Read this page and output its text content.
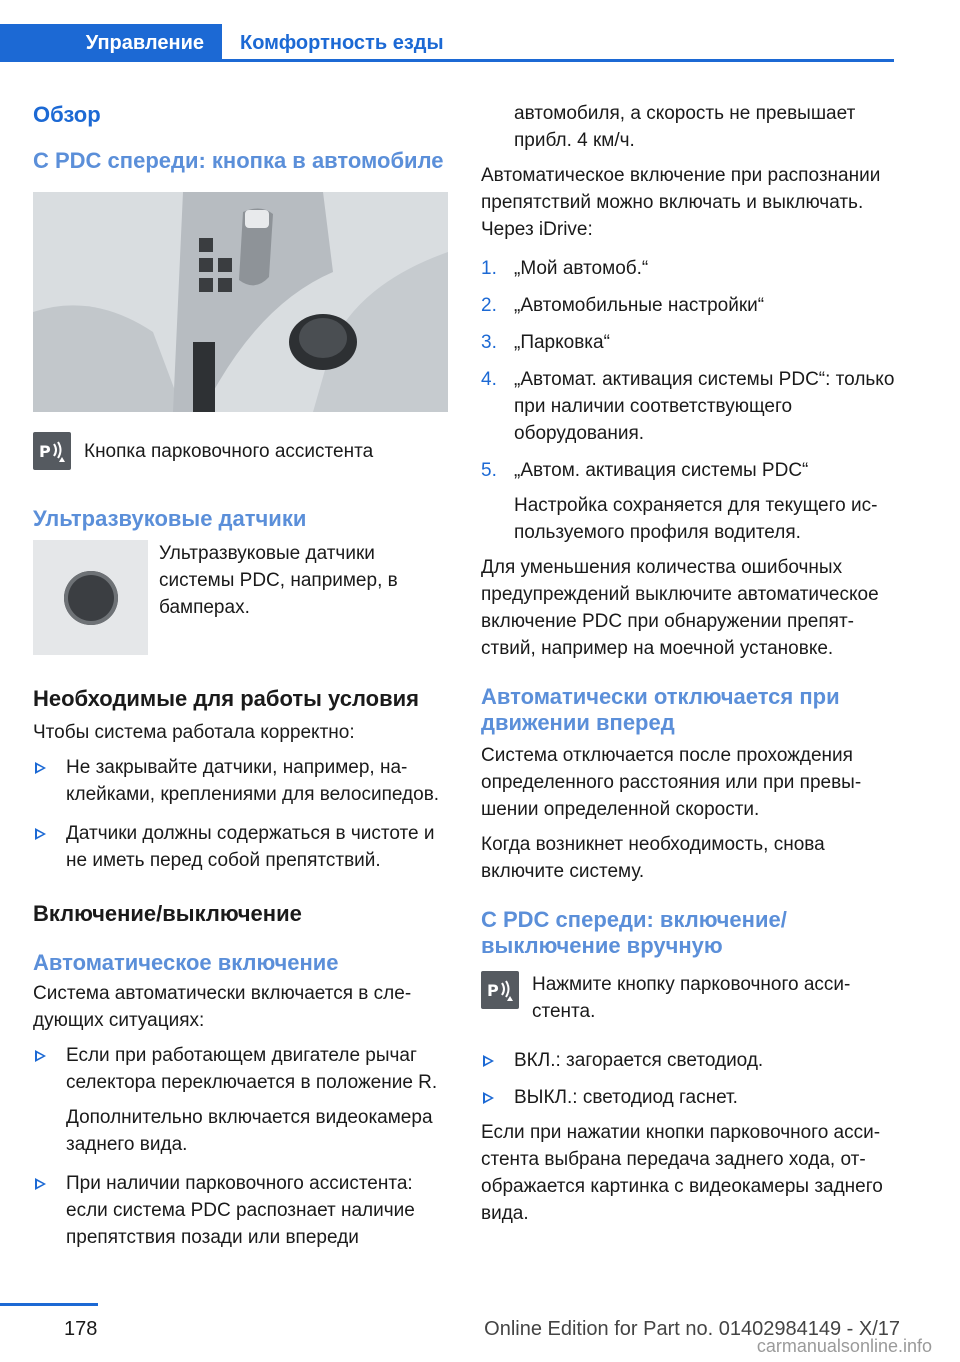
Управление	Комфортность езды
Обзор
С PDC спереди: кнопка в автомобиле
P Кнопка парковочного ассистента

Ультразвуковые датчики

Ультразвуковые датчики системы PDC, например, в бамперах.

Необходимые для работы условия

Чтобы система работала корректно:

Не закрывайте датчики, например, на-клейками, креплениями для велосипедов.
Датчики должны содержаться в чистоте и не иметь перед собой препятствий.
Включение/выключение
Автоматическое включение

Система автоматически включается в сле-дующих ситуациях:

Если при работающем двигателе рычаг селектора переключается в положение R.

Дополнительно включается видеокамера заднего вида.

При наличии парковочного ассистента: если система PDC распознает наличие препятствия позади или впереди

автомобиля, а скорость не превышает прибл. 4 км/ч.

Автоматическое включение при распознании препятствий можно включать и выключать. Через iDrive:

1. „Мой автомоб.“
2. „Автомобильные настройки“
3. „Парковка“
4. „Автомат. активация системы PDC“: только при наличии соответствующего оборудования.
5. „Автом. активация системы PDC“

Настройка сохраняется для текущего ис-пользуемого профиля водителя.

Для уменьшения количества ошибочных предупреждений выключите автоматическое включение PDC при обнаружении препят-ствий, например на моечной установке.

Автоматически отключается при движении вперед

Система отключается после прохождения определенного расстояния или при превы-шении определенной скорости.

Когда возникнет необходимость, снова включите систему.

С PDC спереди: включение/ выключение вручную
P Нажмите кнопку парковочного асси-стента.

ВКЛ.: загорается светодиод.
ВЫКЛ.: светодиод гаснет.

Если при нажатии кнопки парковочного асси-стента выбрана передача заднего хода, от-ображается картинка с видеокамеры заднего вида.

178	Online Edition for Part no. 01402984149 - X/17
carmanualsonline.info
